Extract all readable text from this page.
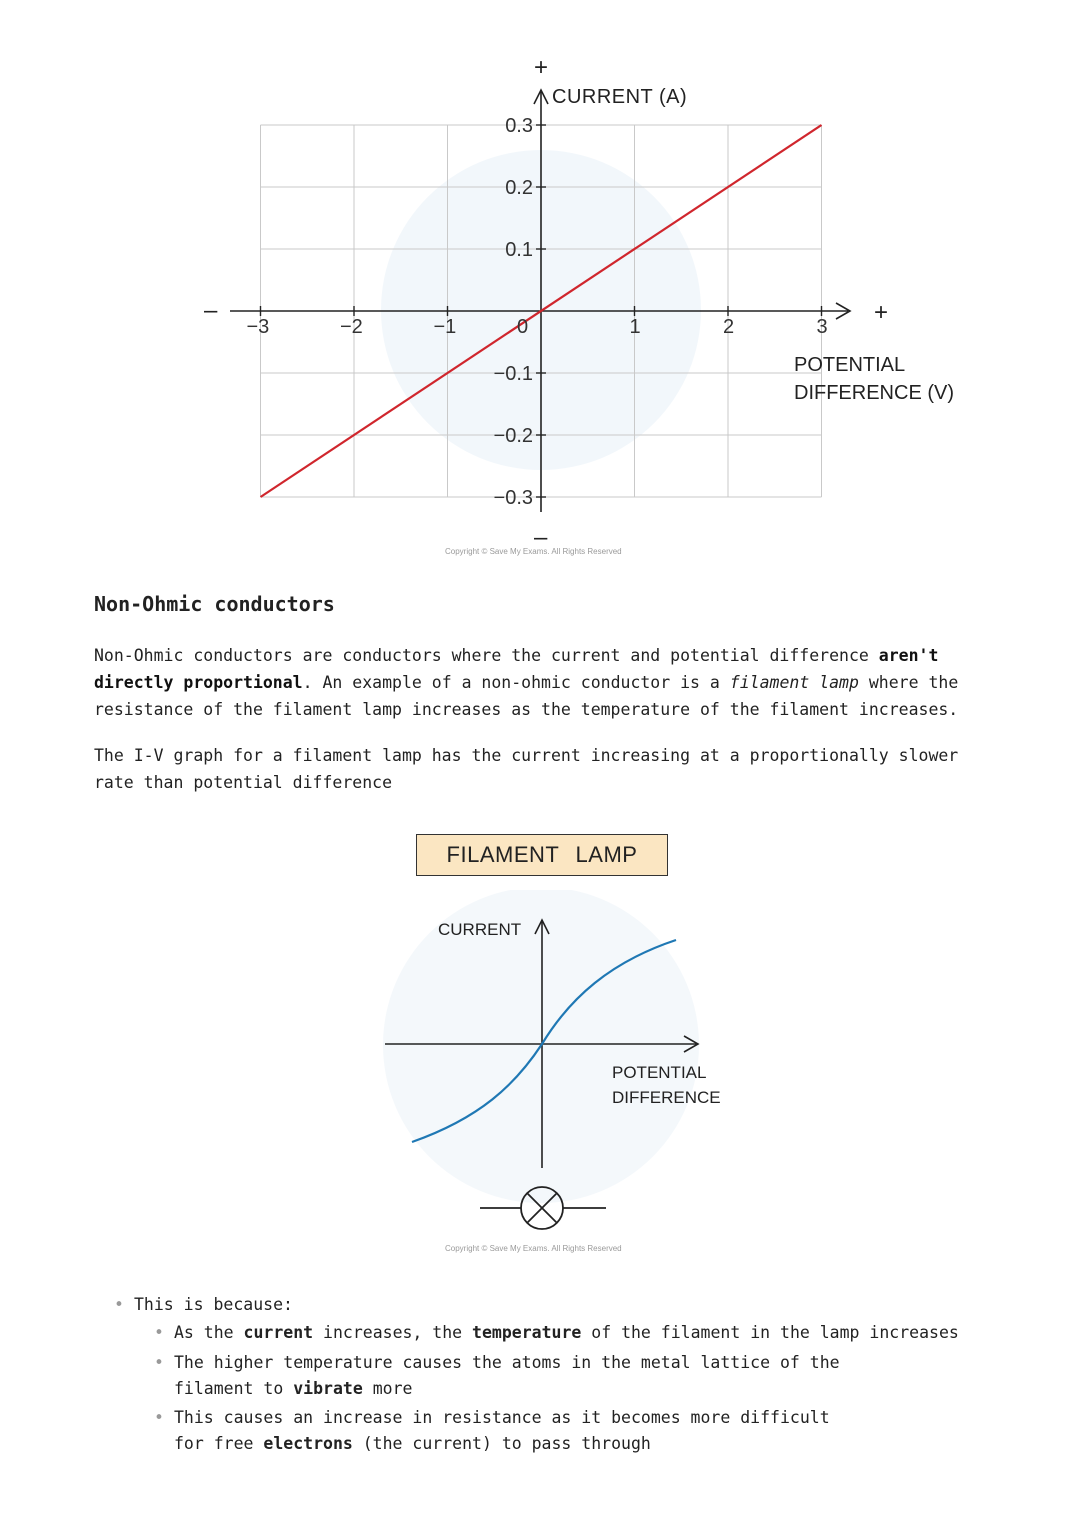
−3	−2	−1	0	1	2	3
0.3
0.2
0.1
−0.1
−0.2
−0.3
CURRENT (A)
+
–
+
–
POTENTIAL
DIFFERENCE (V)
Copyright © Save My Exams. All Rights Reserved
Non-Ohmic conductors
Non-Ohmic conductors are conductors where the current and potential difference aren't directly proportional. An example of a non-ohmic conductor is a filament lamp where the resistance of the filament lamp increases as the temperature of the filament increases.
The I-V graph for a filament lamp has the current increasing at a proportionally slower rate than potential difference
FILAMENT LAMP
CURRENT
POTENTIAL
DIFFERENCE
Copyright © Save My Exams. All Rights Reserved
• This is because:
• As the current increases, the temperature of the filament in the lamp increases
• The higher temperature causes the atoms in the metal lattice of the filament to vibrate more
• This causes an increase in resistance as it becomes more difficult for free electrons (the current) to pass through
